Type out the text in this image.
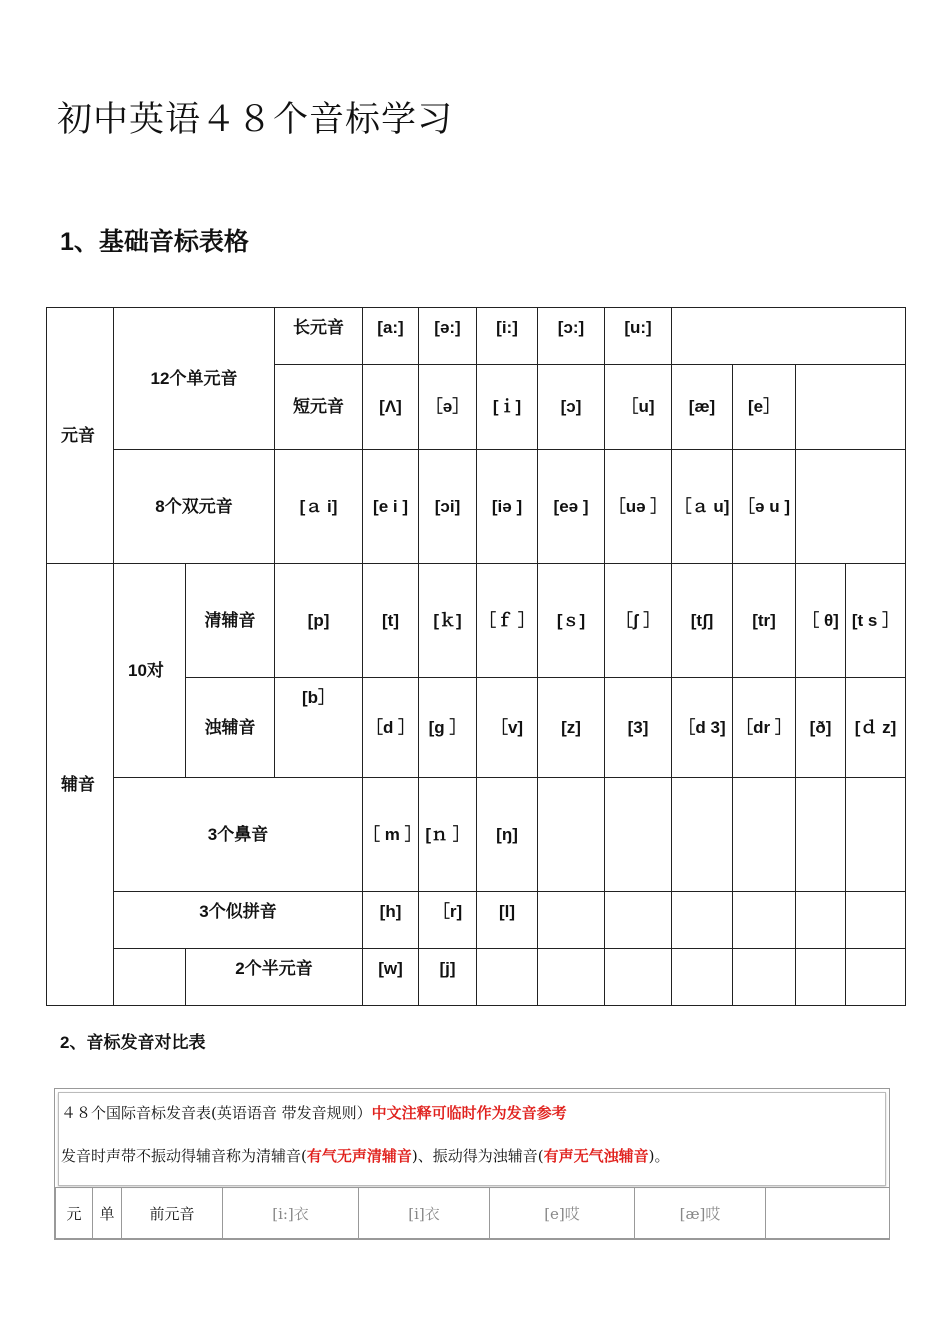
初中英语４８个音标学习
1、基础音标表格
元音	12个单元音		长元音	[a:]	[ə:]	[i:]	[ɔ:]	[u:]				
			短元音	[Λ]	［ə］	[ｉ]	[ɔ]	［u]	[æ]	[e］		
	8个双元音		[ａ i]	[e i ]	[ɔi]	[iə ]	[eə ]	［uə ］	［ａ u]	［ə u ]		
辅音	10对	清辅音	[p]	[t]	[ｋ]	［ｆ ］	[ｓ]	［ʃ ］	[tʃ]	[tr]	［ θ]	[t s ］
		浊辅音	[b］	［d ］	[ɡ ］	［v]	[z]	[3]	［d 3]	［dr ］	[ð]	[ｄ z]
	3个鼻音			［ m ］	[ｎ ］	[ŋ]						
	3个似拼音			[h]	［r]	[l]						
		2个半元音		[w]	[j]							
2、音标发音对比表
４８个国际音标发音表(英语语音 带发音规则）中文注释可临时作为发音参考
发音时声带不振动得辅音称为清辅音(有气无声清辅音)、振动得为浊辅音(有声无气浊辅音)。
元	单	前元音	[i:]衣	[i]衣	[e]哎	[æ]哎	
